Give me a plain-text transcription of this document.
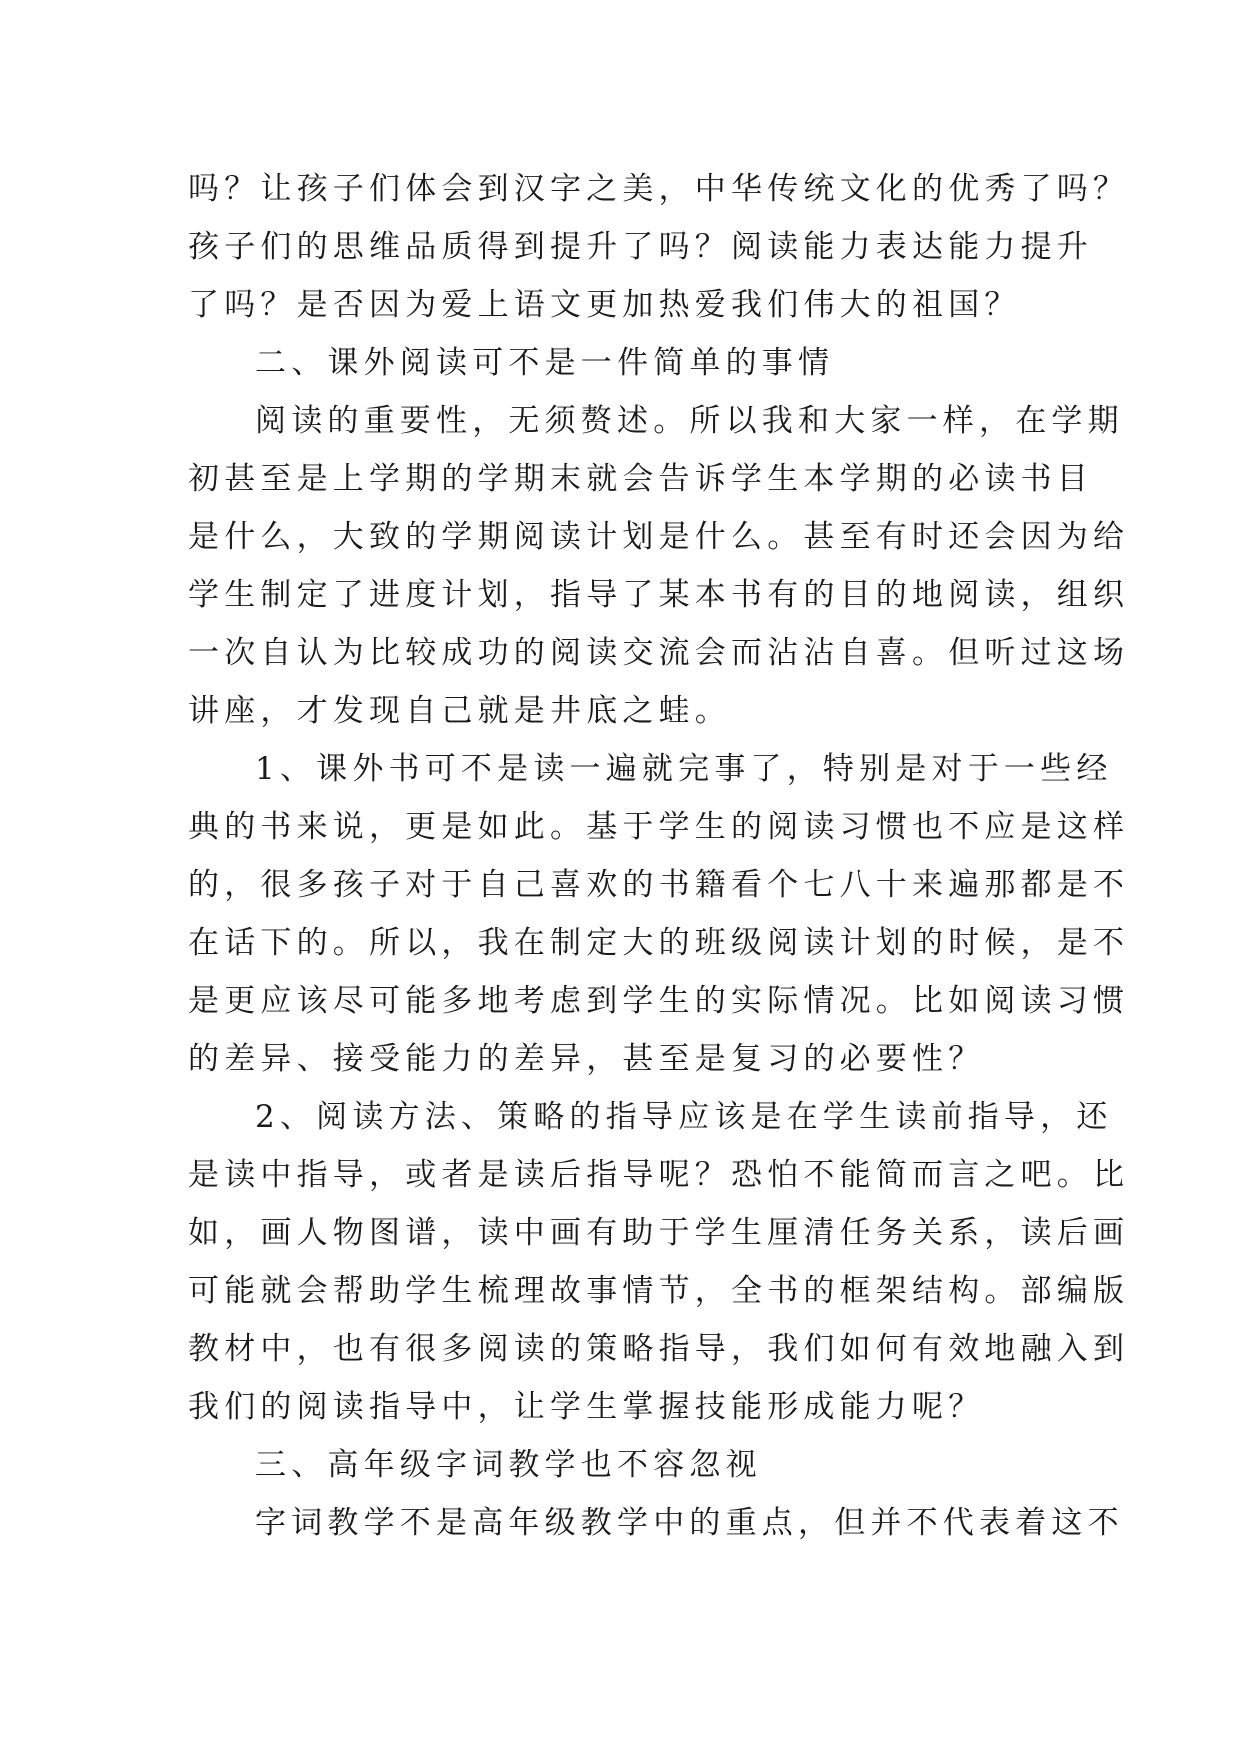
吗？让孩子们体会到汉字之美，中华传统文化的优秀了吗？
孩子们的思维品质得到提升了吗？阅读能力表达能力提升
了吗？是否因为爱上语文更加热爱我们伟大的祖国？
二、课外阅读可不是一件简单的事情
阅读的重要性，无须赘述。所以我和大家一样，在学期
初甚至是上学期的学期末就会告诉学生本学期的必读书目
是什么，大致的学期阅读计划是什么。甚至有时还会因为给
学生制定了进度计划，指导了某本书有的目的地阅读，组织
一次自认为比较成功的阅读交流会而沾沾自喜。但听过这场
讲座，才发现自己就是井底之蛙。
1、课外书可不是读一遍就完事了，特别是对于一些经
典的书来说，更是如此。基于学生的阅读习惯也不应是这样
的，很多孩子对于自己喜欢的书籍看个七八十来遍那都是不
在话下的。所以，我在制定大的班级阅读计划的时候，是不
是更应该尽可能多地考虑到学生的实际情况。比如阅读习惯
的差异、接受能力的差异，甚至是复习的必要性？
2、阅读方法、策略的指导应该是在学生读前指导，还
是读中指导，或者是读后指导呢？恐怕不能简而言之吧。比
如，画人物图谱，读中画有助于学生厘清任务关系，读后画
可能就会帮助学生梳理故事情节，全书的框架结构。部编版
教材中，也有很多阅读的策略指导，我们如何有效地融入到
我们的阅读指导中，让学生掌握技能形成能力呢？
三、高年级字词教学也不容忽视
字词教学不是高年级教学中的重点，但并不代表着这不
